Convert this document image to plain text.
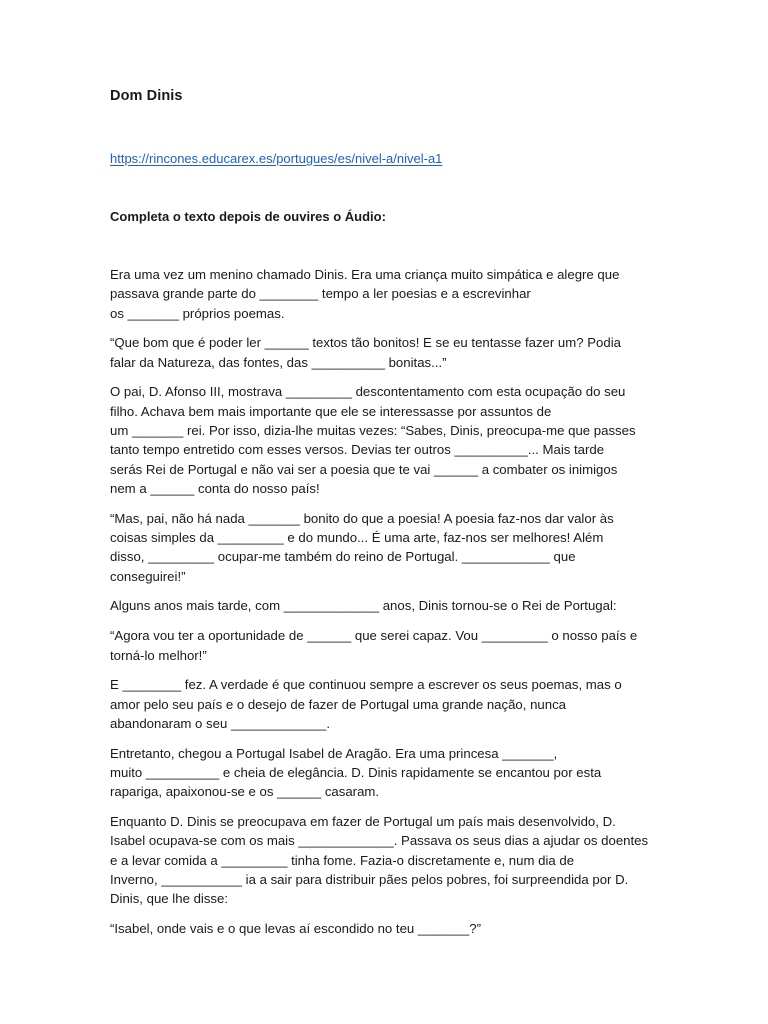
Dom Dinis
https://rincones.educarex.es/portugues/es/nivel-a/nivel-a1

Completa o texto depois de ouvires o Áudio:

Era uma vez um menino chamado Dinis. Era uma criança muito simpática e alegre que
passava grande parte do ________ tempo a ler poesias e a escrevinhar
os _______ próprios poemas.

“Que bom que é poder ler ______ textos tão bonitos! E se eu tentasse fazer um? Podia
falar da Natureza, das fontes, das __________ bonitas...”

O pai, D. Afonso III, mostrava _________ descontentamento com esta ocupação do seu
filho. Achava bem mais importante que ele se interessasse por assuntos de
um _______ rei. Por isso, dizia-lhe muitas vezes: “Sabes, Dinis, preocupa-me que passes
tanto tempo entretido com esses versos. Devias ter outros __________... Mais tarde
serás Rei de Portugal e não vai ser a poesia que te vai ______ a combater os inimigos
nem a ______ conta do nosso país!

“Mas, pai, não há nada _______ bonito do que a poesia! A poesia faz-nos dar valor às
coisas simples da _________ e do mundo... É uma arte, faz-nos ser melhores! Além
disso, _________ ocupar-me também do reino de Portugal. ____________ que
conseguirei!”

Alguns anos mais tarde, com _____________ anos, Dinis tornou-se o Rei de Portugal:

“Agora vou ter a oportunidade de ______ que serei capaz. Vou _________ o nosso país e
torná-lo melhor!”

E ________ fez. A verdade é que continuou sempre a escrever os seus poemas, mas o
amor pelo seu país e o desejo de fazer de Portugal uma grande nação, nunca
abandonaram o seu _____________.

Entretanto, chegou a Portugal Isabel de Aragão. Era uma princesa _______,
muito __________ e cheia de elegância. D. Dinis rapidamente se encantou por esta
rapariga, apaixonou-se e os ______ casaram.

Enquanto D. Dinis se preocupava em fazer de Portugal um país mais desenvolvido, D.
Isabel ocupava-se com os mais _____________. Passava os seus dias a ajudar os doentes
e a levar comida a _________ tinha fome. Fazia-o discretamente e, num dia de
Inverno, ___________ ia a sair para distribuir pães pelos pobres, foi surpreendida por D.
Dinis, que lhe disse:

“Isabel, onde vais e o que levas aí escondido no teu _______?”
